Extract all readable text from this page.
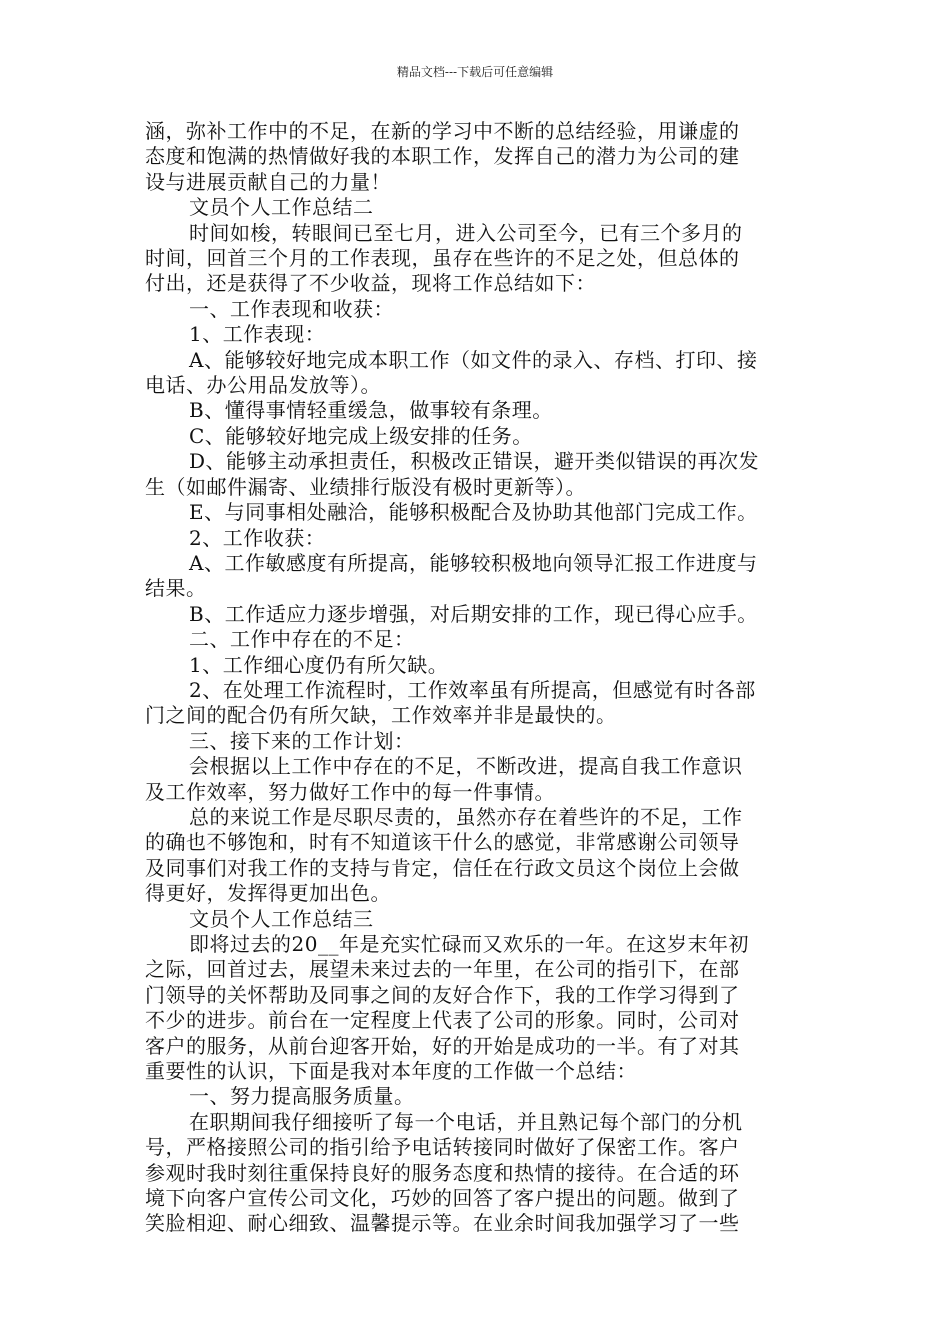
精品文档---下载后可任意编辑
涵，弥补工作中的不足，在新的学习中不断的总结经验，用谦虚的
态度和饱满的热情做好我的本职工作，发挥自己的潜力为公司的建
设与进展贡献自己的力量！
文员个人工作总结二
时间如梭，转眼间已至七月，进入公司至今，已有三个多月的
时间，回首三个月的工作表现，虽存在些许的不足之处，但总体的
付出，还是获得了不少收益，现将工作总结如下：
一、工作表现和收获：
1、工作表现：
A、能够较好地完成本职工作（如文件的录入、存档、打印、接
电话、办公用品发放等）。
B、懂得事情轻重缓急，做事较有条理。
C、能够较好地完成上级安排的任务。
D、能够主动承担责任，积极改正错误，避开类似错误的再次发
生（如邮件漏寄、业绩排行版没有极时更新等）。
E、与同事相处融洽，能够积极配合及协助其他部门完成工作。
2、工作收获：
A、工作敏感度有所提高，能够较积极地向领导汇报工作进度与
结果。
B、工作适应力逐步增强，对后期安排的工作，现已得心应手。
二、工作中存在的不足：
1、工作细心度仍有所欠缺。
2、在处理工作流程时，工作效率虽有所提高，但感觉有时各部
门之间的配合仍有所欠缺，工作效率并非是最快的。
三、接下来的工作计划：
会根据以上工作中存在的不足，不断改进，提高自我工作意识
及工作效率，努力做好工作中的每一件事情。
总的来说工作是尽职尽责的，虽然亦存在着些许的不足，工作
的确也不够饱和，时有不知道该干什么的感觉，非常感谢公司领导
及同事们对我工作的支持与肯定，信任在行政文员这个岗位上会做
得更好，发挥得更加出色。
文员个人工作总结三
即将过去的20__年是充实忙碌而又欢乐的一年。在这岁末年初
之际，回首过去，展望未来过去的一年里，在公司的指引下，在部
门领导的关怀帮助及同事之间的友好合作下，我的工作学习得到了
不少的进步。前台在一定程度上代表了公司的形象。同时，公司对
客户的服务，从前台迎客开始，好的开始是成功的一半。有了对其
重要性的认识，下面是我对本年度的工作做一个总结：
一、努力提高服务质量。
在职期间我仔细接听了每一个电话，并且熟记每个部门的分机
号，严格接照公司的指引给予电话转接同时做好了保密工作。客户
参观时我时刻往重保持良好的服务态度和热情的接待。在合适的环
境下向客户宣传公司文化，巧妙的回答了客户提出的问题。做到了
笑脸相迎、耐心细致、温馨提示等。在业余时间我加强学习了一些
